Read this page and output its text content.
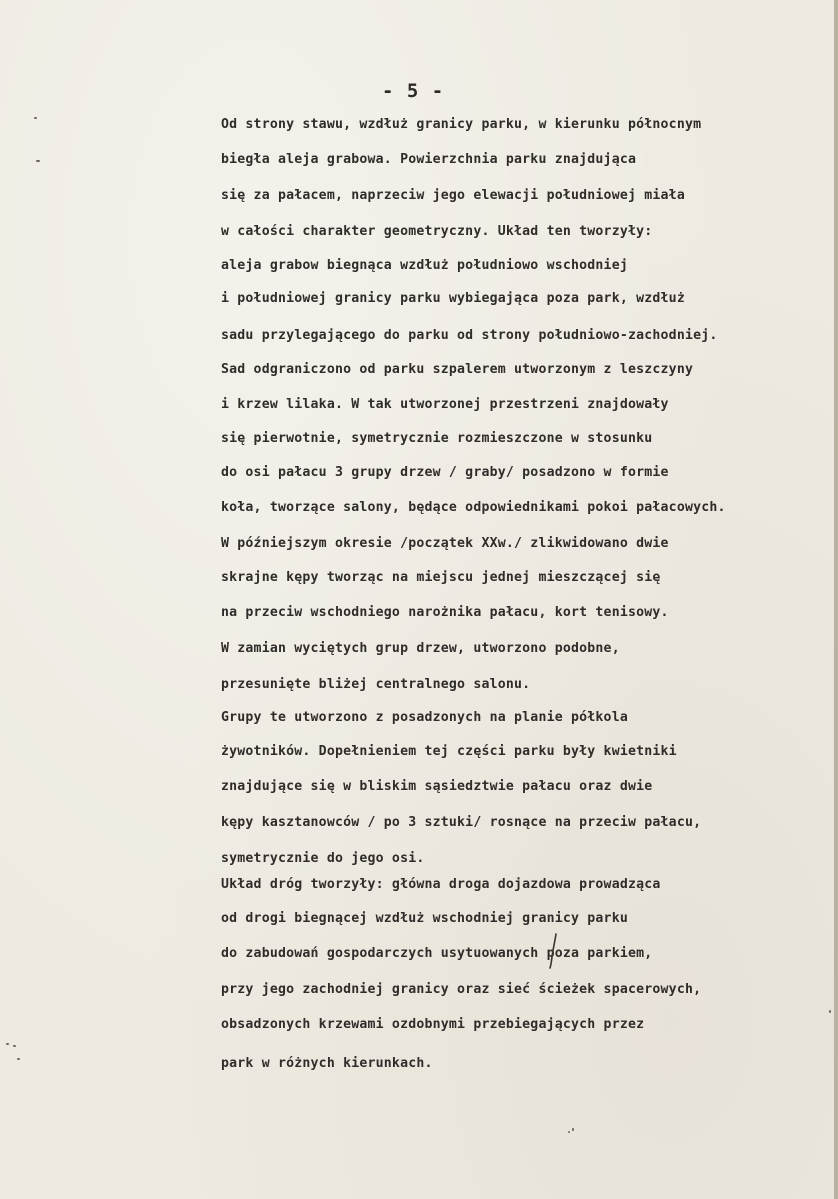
- 5 -
Od strony stawu, wzdłuż granicy parku, w kierunku północnym
biegła aleja grabowa. Powierzchnia parku znajdująca
się za pałacem, naprzeciw jego elewacji południowej miała
w całości charakter geometryczny. Układ ten tworzyły:
aleja grabow biegnąca wzdłuż południowo wschodniej
i południowej granicy parku wybiegająca poza park, wzdłuż
sadu przylegającego do parku od strony południowo-zachodniej.
Sad odgraniczono od parku szpalerem utworzonym z leszczyny
i krzew lilaka. W tak utworzonej przestrzeni znajdowały
się pierwotnie, symetrycznie rozmieszczone w stosunku
do osi pałacu 3 grupy drzew / graby/ posadzono w formie
koła, tworzące salony, będące odpowiednikami pokoi pałacowych.
W późniejszym okresie /początek XXw./ zlikwidowano dwie
skrajne kępy tworząc na miejscu jednej mieszczącej się
na przeciw wschodniego narożnika pałacu, kort tenisowy.
W zamian wyciętych grup drzew, utworzono podobne,
przesunięte bliżej centralnego salonu.
Grupy te utworzono z posadzonych na planie półkola
żywotników. Dopełnieniem tej części parku były kwietniki
znajdujące się w bliskim sąsiedztwie pałacu oraz dwie
kępy kasztanowców / po 3 sztuki/ rosnące na przeciw pałacu,
symetrycznie do jego osi.
Układ dróg tworzyły: główna droga dojazdowa prowadząca
od drogi biegnącej wzdłuż wschodniej granicy parku
do zabudowań gospodarczych usytuowanych poza parkiem,
przy jego zachodniej granicy oraz sieć ścieżek spacerowych,
obsadzonych krzewami ozdobnymi przebiegających przez
park w różnych kierunkach.
